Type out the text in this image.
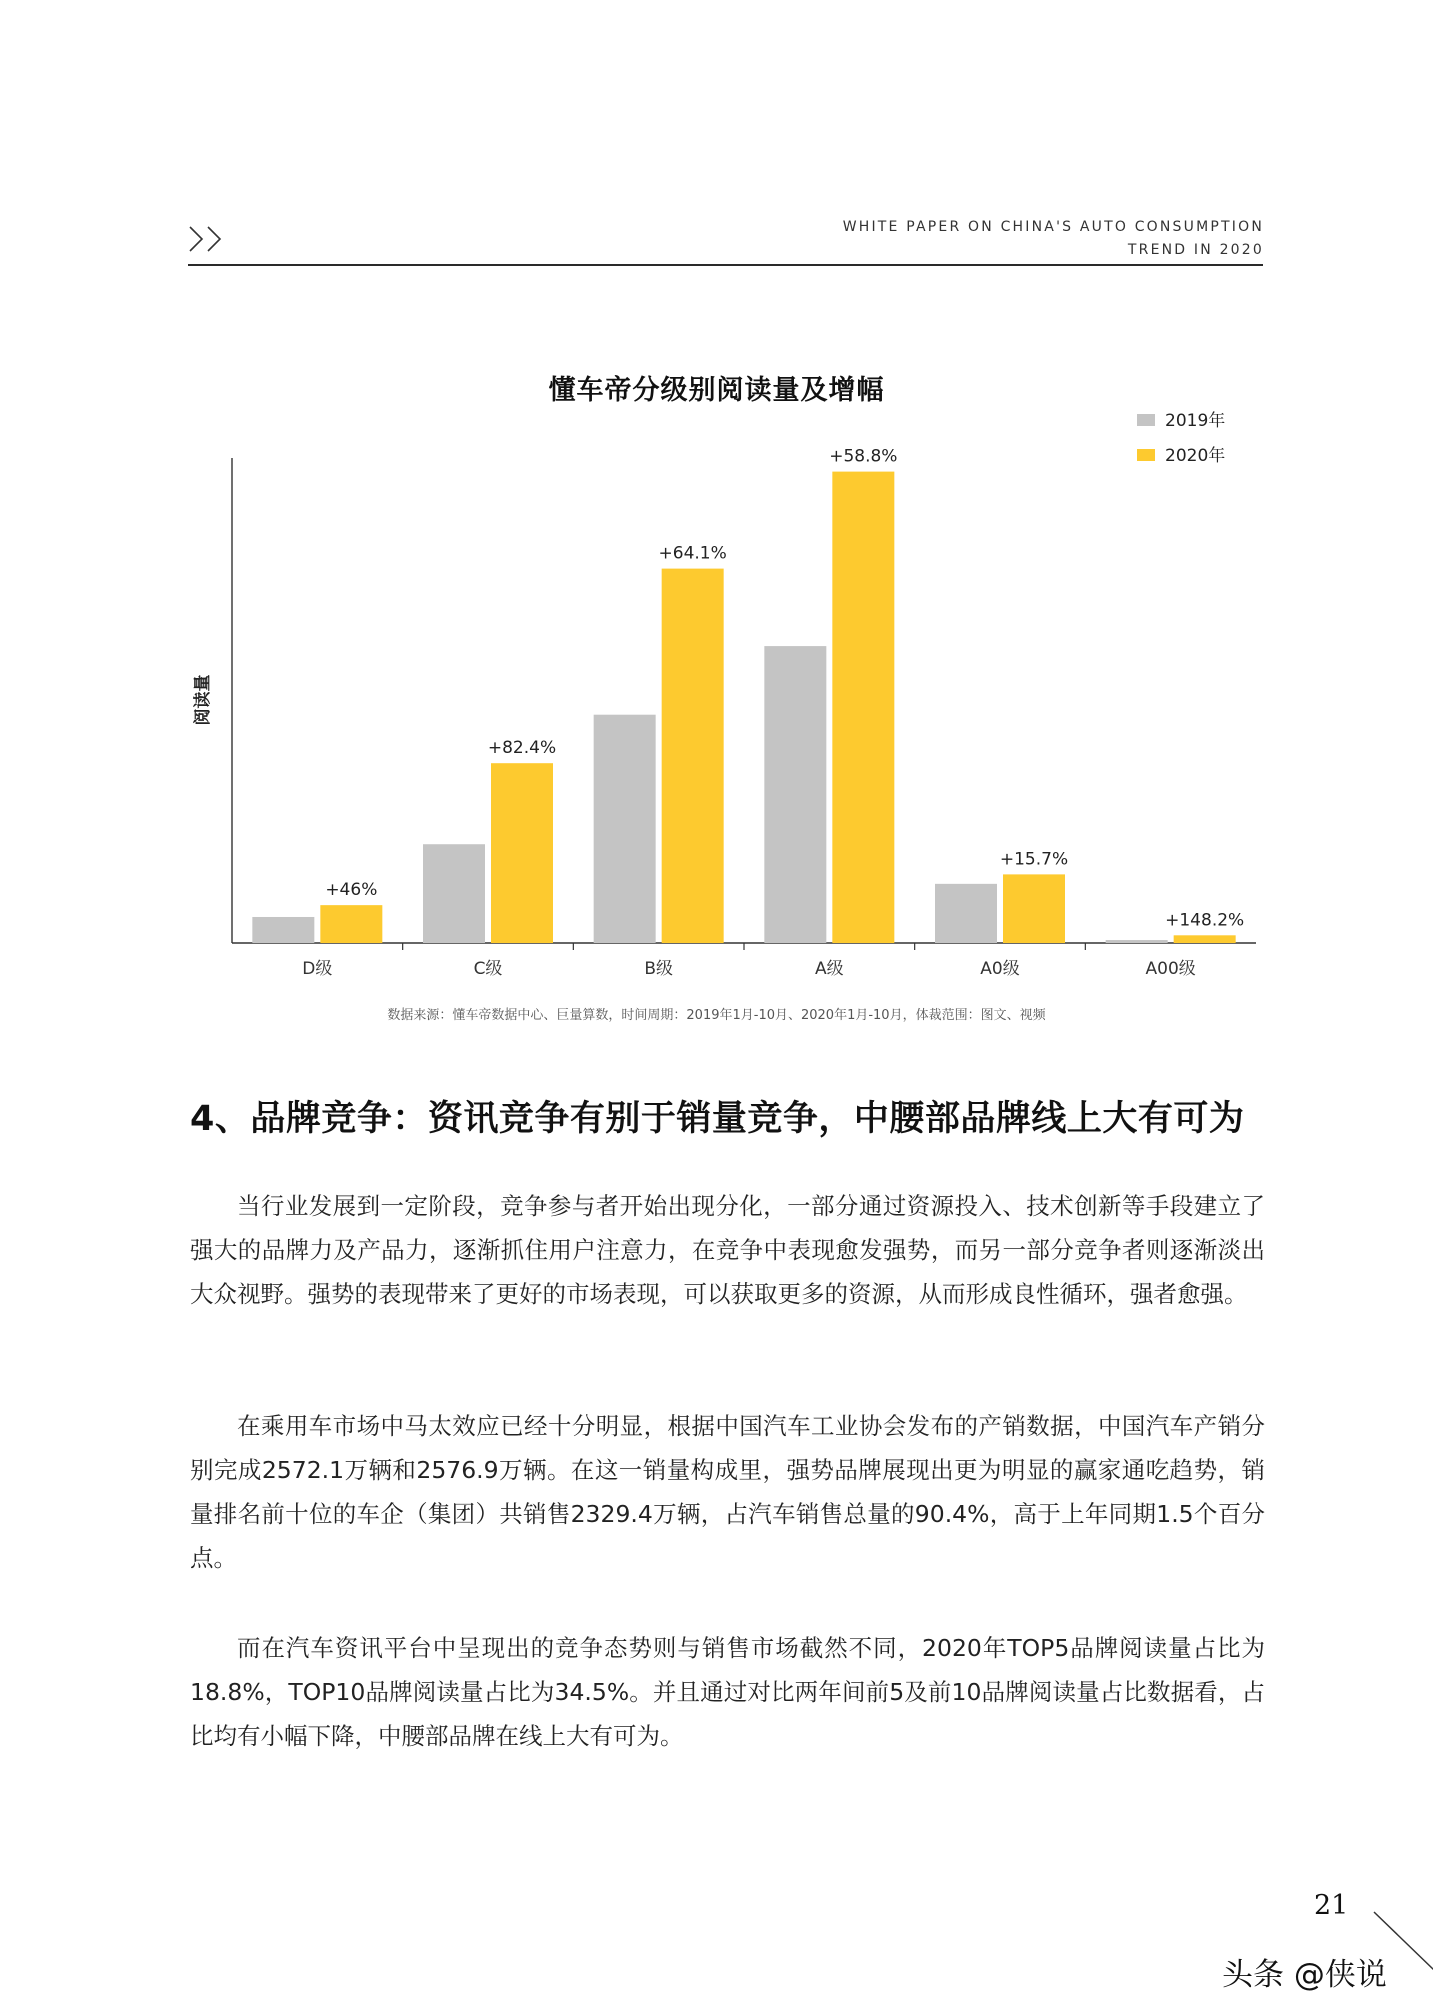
WHITE PAPER ON CHINA'S AUTO CONSUMPTION
TREND IN 2020
懂车帝分级别阅读量及增幅
阅读量
+46%
D级
+82.4%
C级
+64.1%
B级
+58.8%
A级
+15.7%
A0级
+148.2%
A00级
2019年
2020年
数据来源：懂车帝数据中心、巨量算数，时间周期：2019年1月-10月、2020年1月-10月，体裁范围：图文、视频
4、品牌竞争：资讯竞争有别于销量竞争，中腰部品牌线上大有可为
当行业发展到一定阶段，竞争参与者开始出现分化，一部分通过资源投入、技术创新等手段建立了强大的品牌力及产品力，逐渐抓住用户注意力，在竞争中表现愈发强势，而另一部分竞争者则逐渐淡出大众视野。强势的表现带来了更好的市场表现，可以获取更多的资源，从而形成良性循环，强者愈强。
在乘用车市场中马太效应已经十分明显，根据中国汽车工业协会发布的产销数据，中国汽车产销分别完成2572.1万辆和2576.9万辆。在这一销量构成里，强势品牌展现出更为明显的赢家通吃趋势，销量排名前十位的车企（集团）共销售2329.4万辆，占汽车销售总量的90.4%，高于上年同期1.5个百分点。
而在汽车资讯平台中呈现出的竞争态势则与销售市场截然不同，2020年TOP5品牌阅读量占比为18.8%，TOP10品牌阅读量占比为34.5%。并且通过对比两年间前5及前10品牌阅读量占比数据看，占比均有小幅下降，中腰部品牌在线上大有可为。
21
头条 @侠说
